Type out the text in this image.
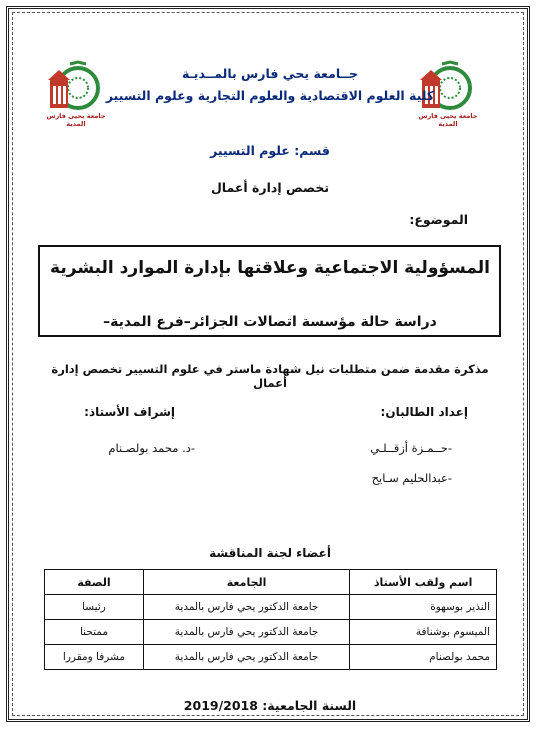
جامعة يحيى فارس المدية
جامعة يحيى فارس المدية
جــامعة يحي فارس بالمــديـة
كلية العلوم الاقتصادية والعلوم التجارية وعلوم التسيير
قسم: علوم التسيير
تخصص إدارة أعمال
الموضوع:
المسؤولية الاجتماعية وعلاقتها بإدارة الموارد البشرية
دراسة حالة مؤسسة اتصالات الجزائر–فرع المدية–
مذكرة مقدمة ضمن متطلبات نيل شهادة ماستر في علوم التسيير تخصص إدارة أعمال
إعداد الطالبان:
إشراف الأستاذ:
-حــمـزة أزقــلـي
-عبدالحليم سـايح
-د. محمد بولصـنام
أعضاء لجنة المناقشة
اسم ولقب الأستاذ	الجامعة	الصفة
النذير بوسهوة	جامعة الدكتور يحي فارس بالمدية	رئيسا
الميسوم بوشنافة	جامعة الدكتور يحي فارس بالمدية	ممتحنا
محمد بولصنام	جامعة الدكتور يحي فارس بالمدية	مشرفا ومقررا
السنة الجامعية: 2019/2018
